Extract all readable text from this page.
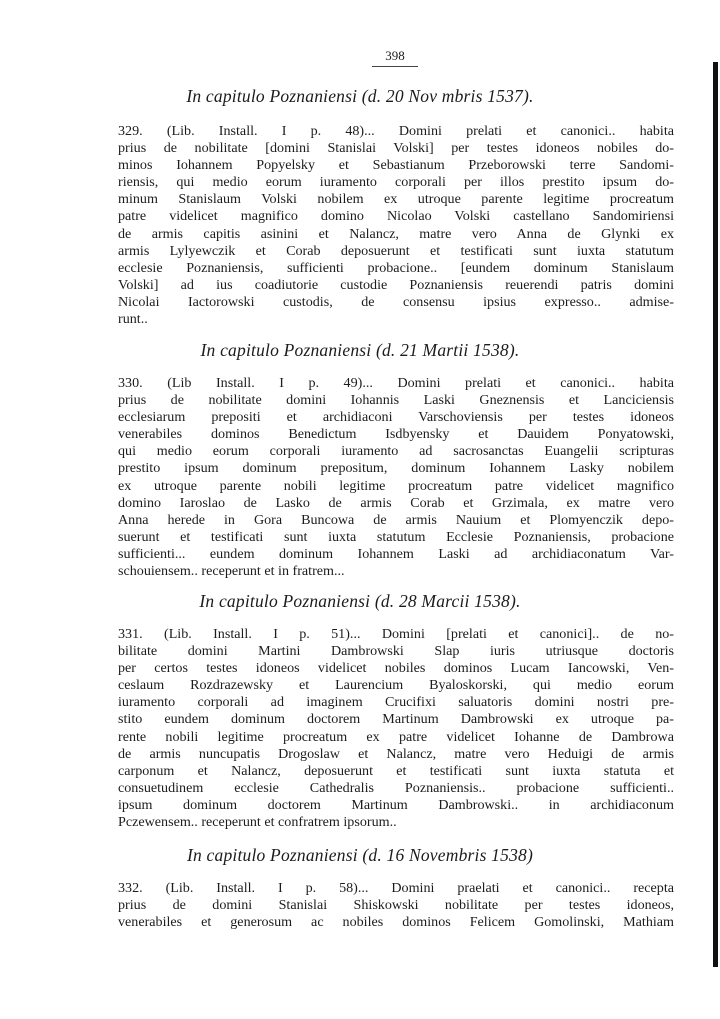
398
In capitulo Poznaniensi (d. 20 Nov mbris 1537).
329. (Lib. Install. I p. 48)... Domini prelati et canonici.. habita
prius de nobilitate [domini Stanislai Volski] per testes idoneos nobiles do-
minos Iohannem Popyelsky et Sebastianum Przeborowski terre Sandomi-
riensis, qui medio eorum iuramento corporali per illos prestito ipsum do-
minum Stanislaum Volski nobilem ex utroque parente legitime procreatum
patre videlicet magnifico domino Nicolao Volski castellano Sandomiriensi
de armis capitis asinini et Nalancz, matre vero Anna de Glynki ex
armis Lylyewczik et Corab deposuerunt et testificati sunt iuxta statutum
ecclesie Poznaniensis, sufficienti probacione.. [eundem dominum Stanislaum
Volski] ad ius coadiutorie custodie Poznaniensis reuerendi patris domini
Nicolai Iactorowski custodis, de consensu ipsius expresso.. admise-
runt..
In capitulo Poznaniensi (d. 21 Martii 1538).
330. (Lib Install. I p. 49)... Domini prelati et canonici.. habita
prius de nobilitate domini Iohannis Laski Gneznensis et Lanciciensis
ecclesiarum prepositi et archidiaconi Varschoviensis per testes idoneos
venerabiles dominos Benedictum Isdbyensky et Dauidem Ponyatowski,
qui medio eorum corporali iuramento ad sacrosanctas Euangelii scripturas
prestito ipsum dominum prepositum, dominum Iohannem Lasky nobilem
ex utroque parente nobili legitime procreatum patre videlicet magnifico
domino Iaroslao de Lasko de armis Corab et Grzimala, ex matre vero
Anna herede in Gora Buncowa de armis Nauium et Plomyenczik depo-
suerunt et testificati sunt iuxta statutum Ecclesie Poznaniensis, probacione
sufficienti... eundem dominum Iohannem Laski ad archidiaconatum Var-
schouiensem.. receperunt et in fratrem...
In capitulo Poznaniensi (d. 28 Marcii 1538).
331. (Lib. Install. I p. 51)... Domini [prelati et canonici].. de no-
bilitate domini Martini Dambrowski Slap iuris utriusque doctoris
per certos testes idoneos videlicet nobiles dominos Lucam Iancowski, Ven-
ceslaum Rozdrazewsky et Laurencium Byaloskorski, qui medio eorum
iuramento corporali ad imaginem Crucifixi saluatoris domini nostri pre-
stito eundem dominum doctorem Martinum Dambrowski ex utroque pa-
rente nobili legitime procreatum ex patre videlicet Iohanne de Dambrowa
de armis nuncupatis Drogoslaw et Nalancz, matre vero Heduigi de armis
carponum et Nalancz, deposuerunt et testificati sunt iuxta statuta et
consuetudinem ecclesie Cathedralis Poznaniensis.. probacione sufficienti..
ipsum dominum doctorem Martinum Dambrowski.. in archidiaconum
Pczewensem.. receperunt et confratrem ipsorum..
In capitulo Poznaniensi (d. 16 Novembris 1538)
332. (Lib. Install. I p. 58)... Domini praelati et canonici.. recepta
prius de domini Stanislai Shiskowski nobilitate per testes idoneos,
venerabiles et generosum ac nobiles dominos Felicem Gomolinski, Mathiam
